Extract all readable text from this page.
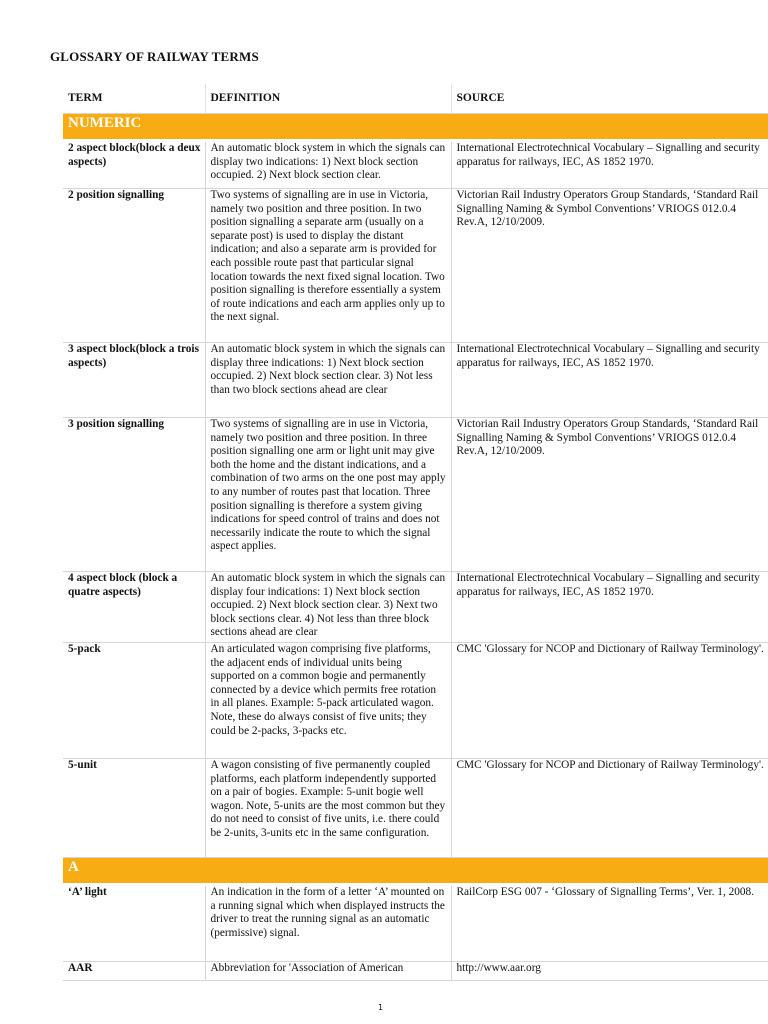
GLOSSARY OF RAILWAY TERMS
TERM	DEFINITION	SOURCE
NUMERIC		
2 aspect block(block a deux aspects)	An automatic block system in which the signals can display two indications: 1) Next block section occupied. 2) Next block section clear.	International Electrotechnical Vocabulary – Signalling and security apparatus for railways, IEC, AS 1852 1970.
2 position signalling	Two systems of signalling are in use in Victoria, namely two position and three position. In two position signalling a separate arm (usually on a separate post) is used to display the distant indication; and also a separate arm is provided for each possible route past that particular signal location towards the next fixed signal location. Two position signalling is therefore essentially a system of route indications and each arm applies only up to the next signal.	Victorian Rail Industry Operators Group Standards, ‘Standard Rail Signalling Naming & Symbol Conventions’ VRIOGS 012.0.4 Rev.A, 12/10/2009.
3 aspect block(block a trois aspects)	An automatic block system in which the signals can display three indications: 1) Next block section occupied. 2) Next block section clear. 3) Not less than two block sections ahead are clear	International Electrotechnical Vocabulary – Signalling and security apparatus for railways, IEC, AS 1852 1970.
3 position signalling	Two systems of signalling are in use in Victoria, namely two position and three position. In three position signalling one arm or light unit may give both the home and the distant indications, and a combination of two arms on the one post may apply to any number of routes past that location. Three position signalling is therefore a system giving indications for speed control of trains and does not necessarily indicate the route to which the signal aspect applies.	Victorian Rail Industry Operators Group Standards, ‘Standard Rail Signalling Naming & Symbol Conventions’ VRIOGS 012.0.4 Rev.A, 12/10/2009.
4 aspect block (block a quatre aspects)	An automatic block system in which the signals can display four indications: 1) Next block section occupied. 2) Next block section clear. 3) Next two block sections clear. 4) Not less than three block sections ahead are clear	International Electrotechnical Vocabulary – Signalling and security apparatus for railways, IEC, AS 1852 1970.
5-pack	An articulated wagon comprising five platforms, the adjacent ends of individual units being supported on a common bogie and permanently connected by a device which permits free rotation in all planes. Example: 5-pack articulated wagon. Note, these do always consist of five units; they could be 2-packs, 3-packs etc.	CMC 'Glossary for NCOP and Dictionary of Railway Terminology'.
5-unit	A wagon consisting of five permanently coupled platforms, each platform independently supported on a pair of bogies. Example: 5-unit bogie well wagon. Note, 5-units are the most common but they do not need to consist of five units, i.e. there could be 2-units, 3-units etc in the same configuration.	CMC 'Glossary for NCOP and Dictionary of Railway Terminology'.
A		
‘A’ light	An indication in the form of a letter ‘A’ mounted on a running signal which when displayed instructs the driver to treat the running signal as an automatic (permissive) signal.	RailCorp ESG 007 - ‘Glossary of Signalling Terms’, Ver. 1, 2008.
AAR	Abbreviation for 'Association of American	http://www.aar.org
1
